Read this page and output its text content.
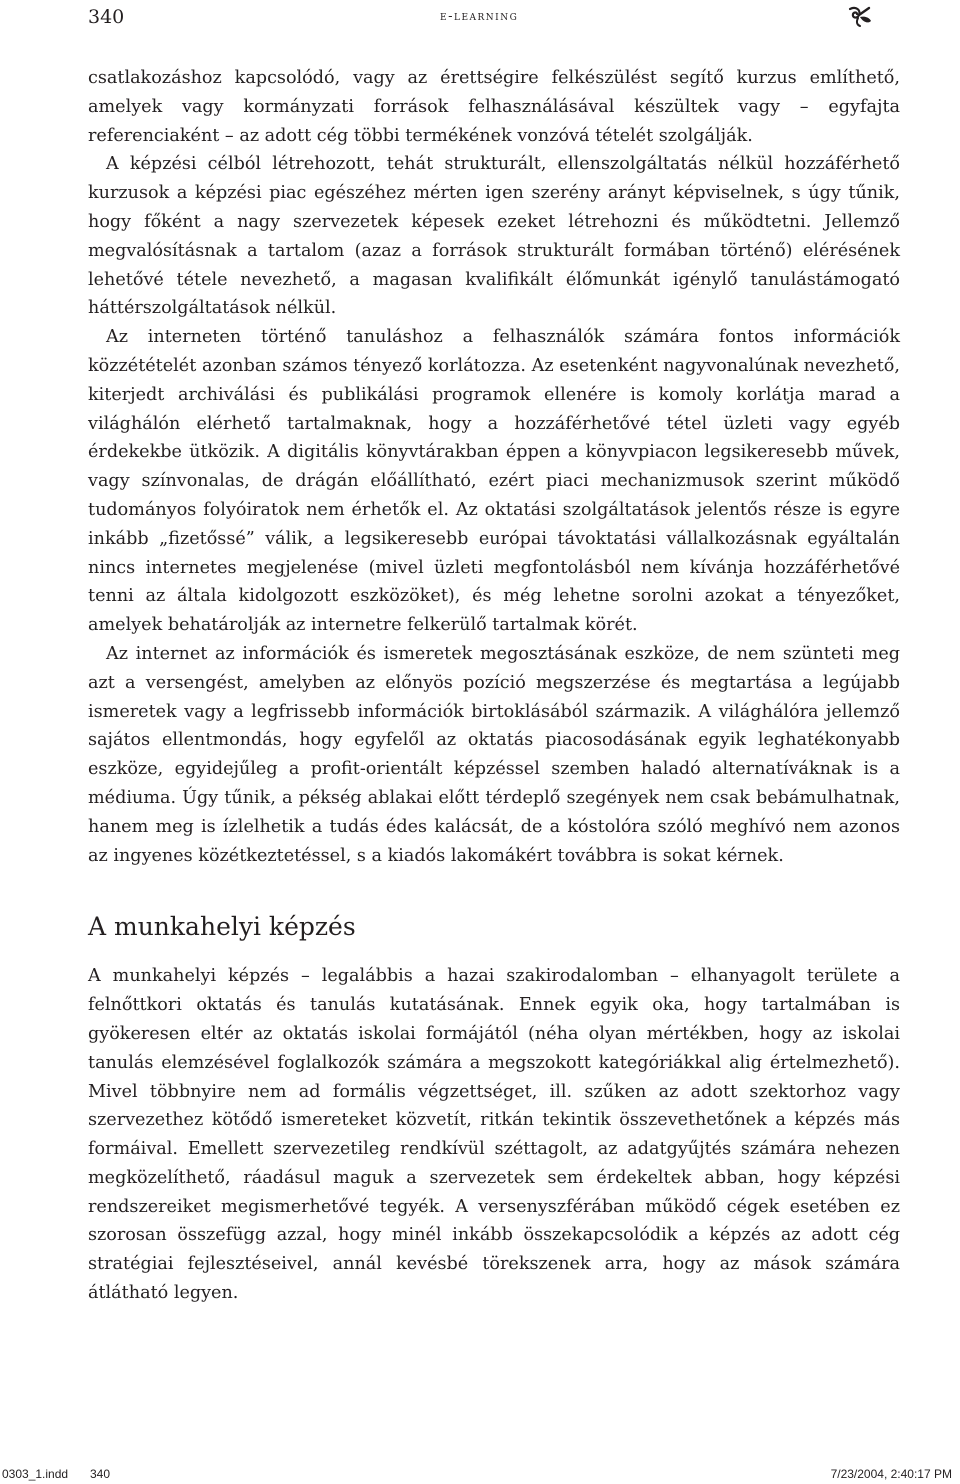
340	e-learning

csatlakozáshoz kapcsolódó, vagy az érettségire felkészülést segítő kurzus említhető, amelyek vagy kormányzati források felhasználásával készültek vagy – egyfajta referenciaként – az adott cég többi termékének vonzóvá tételét szolgálják.

A képzési célból létrehozott, tehát strukturált, ellenszolgáltatás nélkül hozzáférhető kurzusok a képzési piac egészéhez mérten igen szerény arányt képviselnek, s úgy tűnik, hogy főként a nagy szervezetek képesek ezeket létrehozni és működtetni. Jellemző megvalósításnak a tartalom (azaz a források strukturált formában történő) elérésének lehetővé tétele nevezhető, a magasan kvalifikált élőmunkát igénylő tanulástámogató háttérszolgáltatások nélkül.

Az interneten történő tanuláshoz a felhasználók számára fontos információk közzétételét azonban számos tényező korlátozza. Az esetenként nagyvonalúnak nevezhető, kiterjedt archiválási és publikálási programok ellenére is komoly korlátja marad a világhálón elérhető tartalmaknak, hogy a hozzáférhetővé tétel üzleti vagy egyéb érdekekbe ütközik. A digitális könyvtárakban éppen a könyvpiacon legsikeresebb művek, vagy színvonalas, de drágán előállítható, ezért piaci mechanizmusok szerint működő tudományos folyóiratok nem érhetők el. Az oktatási szolgáltatások jelentős része is egyre inkább „fizetőssé” válik, a legsikeresebb európai távoktatási vállalkozásnak egyáltalán nincs internetes megjelenése (mivel üzleti megfontolásból nem kívánja hozzáférhetővé tenni az általa kidolgozott eszközöket), és még lehetne sorolni azokat a tényezőket, amelyek behatárolják az internetre felkerülő tartalmak körét.

Az internet az információk és ismeretek megosztásának eszköze, de nem szünteti meg azt a versengést, amelyben az előnyös pozíció megszerzése és megtartása a legújabb ismeretek vagy a legfrissebb információk birtoklásából származik. A világhálóra jellemző sajátos ellentmondás, hogy egyfelől az oktatás piacosodásának egyik leghatékonyabb eszköze, egyidejűleg a profit-orientált képzéssel szemben haladó alternatíváknak is a médiuma. Úgy tűnik, a pékség ablakai előtt térdeplő szegények nem csak bebámulhatnak, hanem meg is ízlelhetik a tudás édes kalácsát, de a kóstolóra szóló meghívó nem azonos az ingyenes közétkeztetéssel, s a kiadós lakomákért továbbra is sokat kérnek.

A munkahelyi képzés

A munkahelyi képzés – legalábbis a hazai szakirodalomban – elhanyagolt területe a felnőttkori oktatás és tanulás kutatásának. Ennek egyik oka, hogy tartalmában is gyökeresen eltér az oktatás iskolai formájától (néha olyan mértékben, hogy az iskolai tanulás elemzésével foglalkozók számára a megszokott kategóriákkal alig értelmezhető). Mivel többnyire nem ad formális végzettséget, ill. szűken az adott szektorhoz vagy szervezethez kötődő ismereteket közvetít, ritkán tekintik összevethetőnek a képzés más formáival. Emellett szervezetileg rendkívül széttagolt, az adatgyűjtés számára nehezen megközelíthető, ráadásul maguk a szervezetek sem érdekeltek abban, hogy képzési rendszereiket megismerhetővé tegyék. A versenyszférában működő cégek esetében ez szorosan összefügg azzal, hogy minél inkább összekapcsolódik a képzés az adott cég stratégiai fejlesztéseivel, annál kevésbé törekszenek arra, hogy az mások számára átlátható legyen.

0303_1.indd 340	7/23/2004, 2:40:17 PM
